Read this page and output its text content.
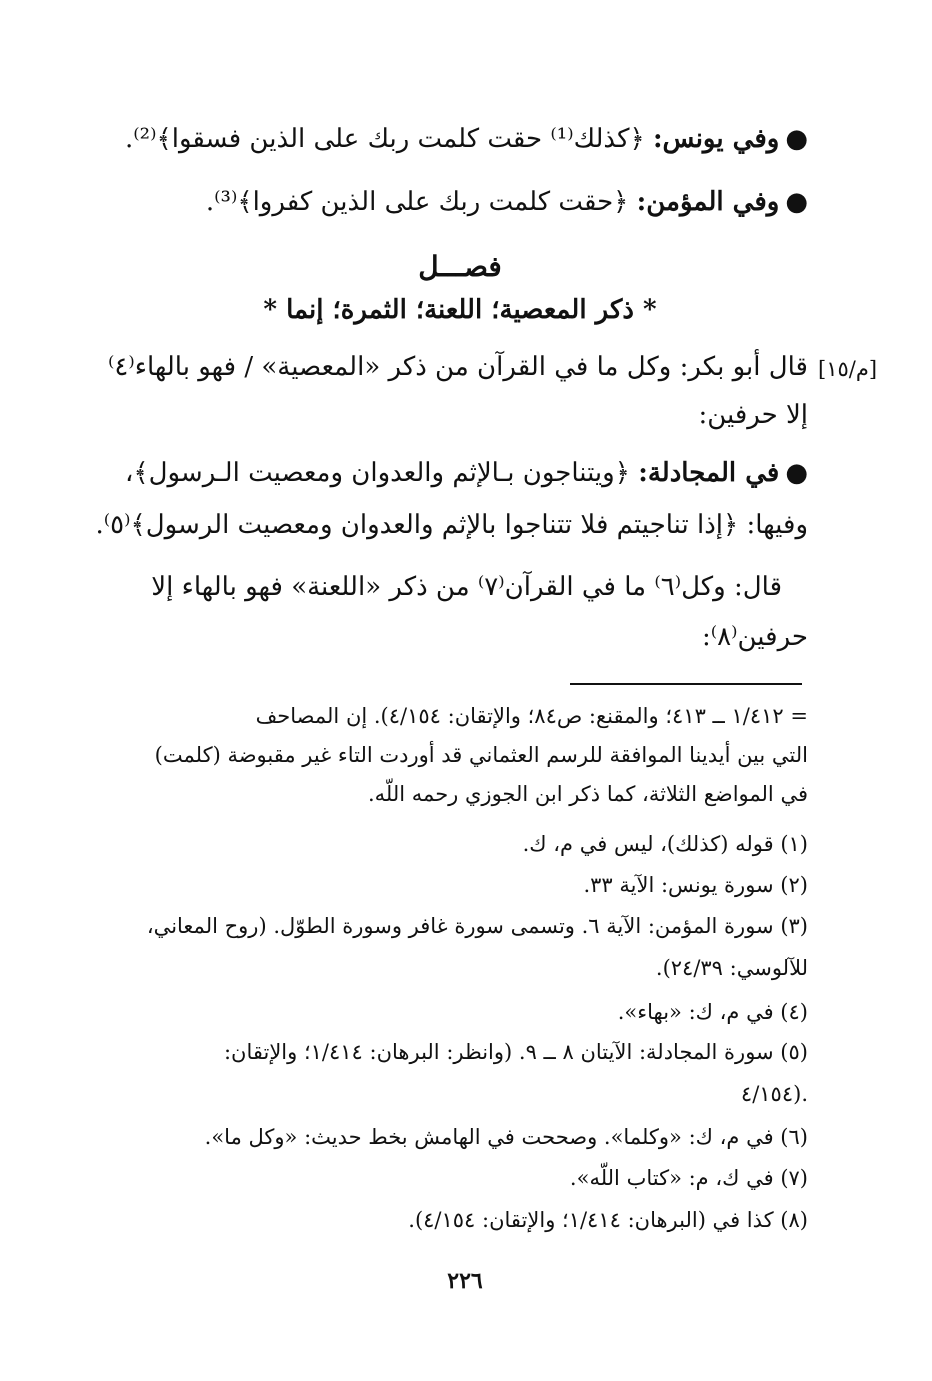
●وفي يونس: ﴿كذلك⁽¹⁾ حقت كلمت ربك على الذين فسقوا﴾⁽²⁾.
●وفي المؤمن: ﴿حقت كلمت ربك على الذين كفروا﴾⁽³⁾.
فصـــل
* ذكر المعصية؛ اللعنة؛ الثمرة؛ إنما *
[م/١٥]
قال أبو بكر: وكل ما في القرآن من ذكر «المعصية» / فهو بالهاء⁽٤⁾
إلا حرفين:
●في المجادلة: ﴿ويتناجون بـالإثم والعدوان ومعصيت الـرسول﴾،
وفيها: ﴿إذا تناجيتم فلا تتناجوا بالإثم والعدوان ومعصيت الرسول﴾⁽٥⁾.
قال: وكل⁽٦⁾ ما في القرآن⁽٧⁾ من ذكر «اللعنة» فهو بالهاء إلا
حرفين⁽٨⁾:
= ١/٤١٢ ــ ٤١٣؛ والمقنع: ص٨٤؛ والإتقان: ٤/١٥٤). إن المصاحف
التي بين أيدينا الموافقة للرسم العثماني قد أوردت التاء غير مقبوضة (كلمت)
في المواضع الثلاثة، كما ذكر ابن الجوزي رحمه اللّه.
(١) قوله (كذلك)، ليس في م، ك.
(٢) سورة يونس: الآية ٣٣.
(٣) سورة المؤمن: الآية ٦. وتسمى سورة غافر وسورة الطوّل. (روح المعاني،
للآلوسي: ٢٤/٣٩).
(٤) في م، ك: «بهاء».
(٥) سورة المجادلة: الآيتان ٨ ــ ٩. (وانظر: البرهان: ١/٤١٤؛ والإتقان:
٤/١٥٤).
(٦) في م، ك: «وكلما». وصححت في الهامش بخط حديث: «وكل ما».
(٧) في ك، م: «كتاب اللّه».
(٨) كذا في (البرهان: ١/٤١٤؛ والإتقان: ٤/١٥٤).
٢٢٦
